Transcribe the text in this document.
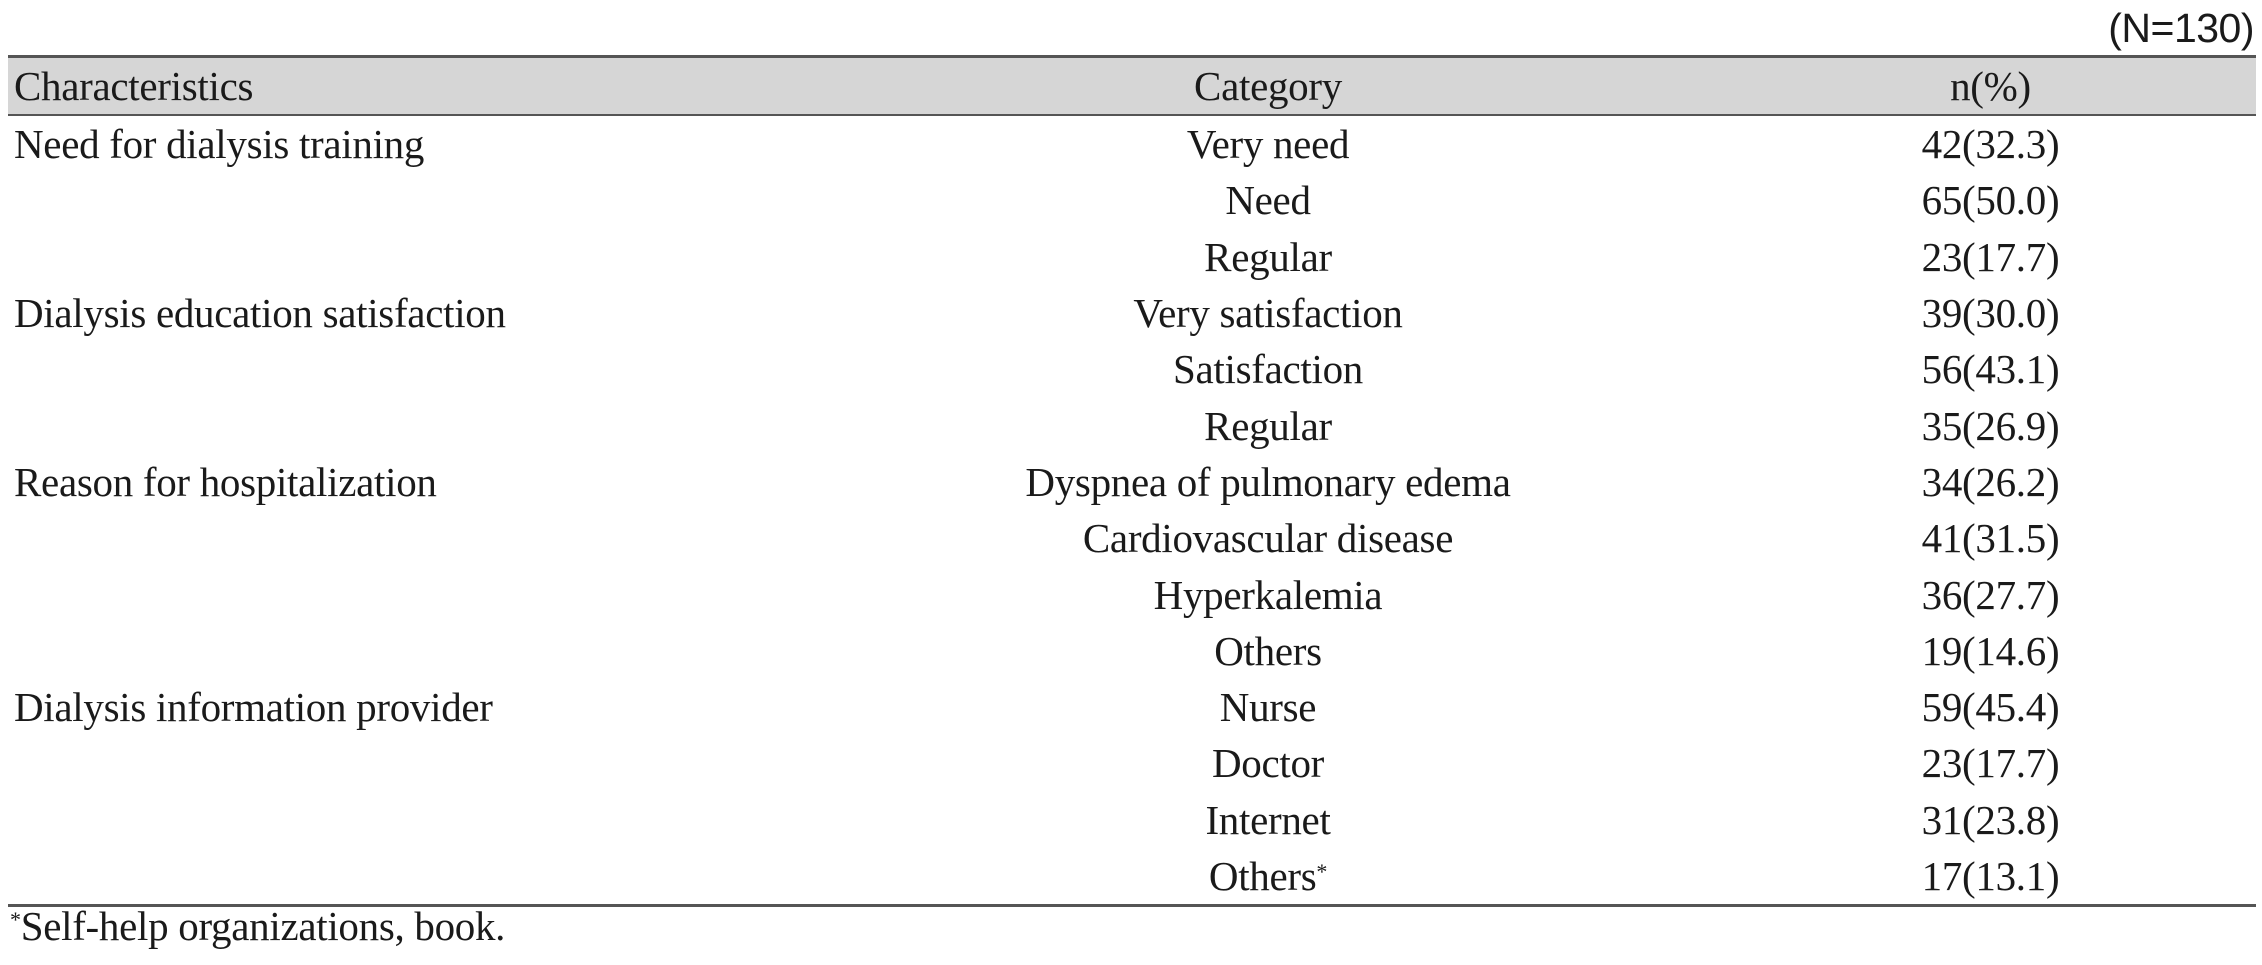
(N=130)
Characteristics	Category	n(%)
Need for dialysis training	Very need	42(32.3)
Need	65(50.0)
Regular	23(17.7)
Dialysis education satisfaction	Very satisfaction	39(30.0)
Satisfaction	56(43.1)
Regular	35(26.9)
Reason for hospitalization	Dyspnea of pulmonary edema	34(26.2)
Cardiovascular disease	41(31.5)
Hyperkalemia	36(27.7)
Others	19(14.6)
Dialysis information provider	Nurse	59(45.4)
Doctor	23(17.7)
Internet	31(23.8)
Others*	17(13.1)
*Self-help organizations, book.
